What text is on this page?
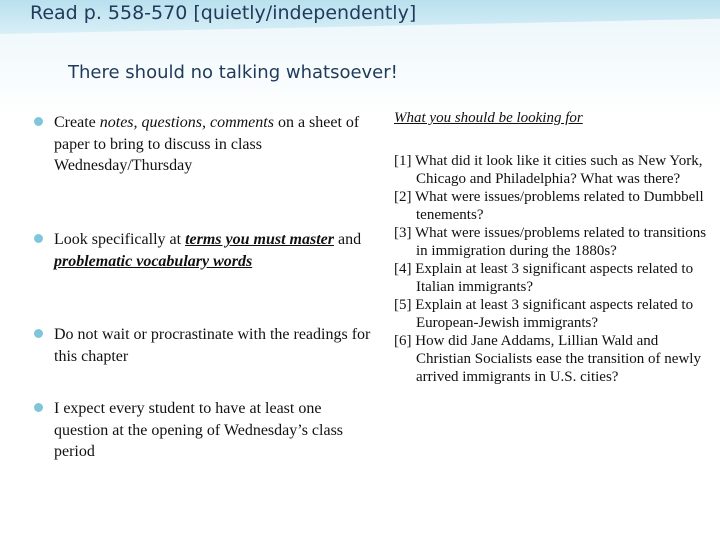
Read p. 558-570 [quietly/independently]
There should no talking whatsoever!
Create notes, questions, comments on a sheet of paper to bring to discuss in class Wednesday/Thursday
Look specifically at terms you must master and problematic vocabulary words
Do not wait or procrastinate with the readings for this chapter
I expect every student to have at least one question at the opening of Wednesday’s class period
What you should be looking for

[1] What did it look like it cities such as New York, Chicago and Philadelphia? What was there?

[2] What were issues/problems related to Dumbbell tenements?

[3] What were issues/problems related to transitions in immigration during the 1880s?

[4] Explain at least 3 significant aspects related to Italian immigrants?

[5] Explain at least 3 significant aspects related to European-Jewish immigrants?

[6] How did Jane Addams, Lillian Wald and Christian Socialists ease the transition of newly arrived immigrants in U.S. cities?
